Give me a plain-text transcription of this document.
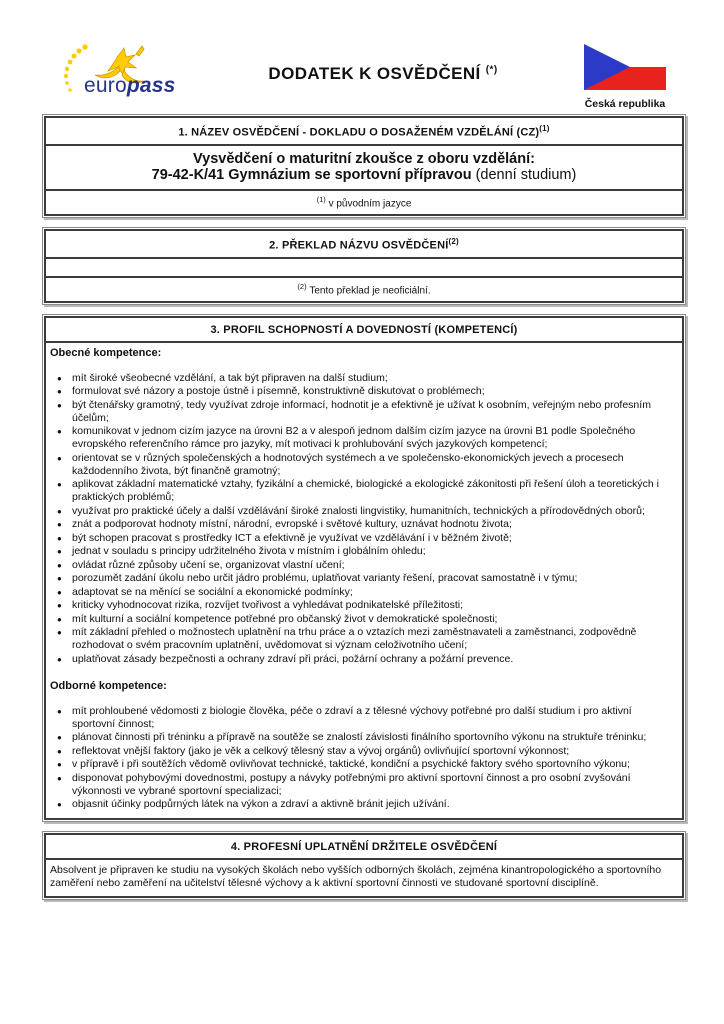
europass
DODATEK K OSVĚDČENÍ (*)
Česká republika
1. NÁZEV OSVĚDČENÍ - DOKLADU O DOSAŽENÉM VZDĚLÁNÍ (CZ)$^{(1)}$
Vysvědčení o maturitní zkoušce z oboru vzdělání:
79-42-K/41 Gymnázium se sportovní přípravou (denní studium)
$^{(1)}$ v původním jazyce
2. PŘEKLAD NÁZVU OSVĚDČENÍ$^{(2)}$
$^{(2)}$ Tento překlad je neoficiální.
3. PROFIL SCHOPNOSTÍ A DOVEDNOSTÍ (KOMPETENCÍ)
Obecné kompetence:
● mít široké všeobecné vzdělání, a tak být připraven na další studium;
● formulovat své názory a postoje ústně i písemně, konstruktivně diskutovat o problémech;
● být čtenářsky gramotný, tedy využívat zdroje informací, hodnotit je a efektivně je užívat k osobním, veřejným nebo profesním účelům;
● komunikovat v jednom cizím jazyce na úrovni B2 a v alespoň jednom dalším cizím jazyce na úrovni B1 podle Společného evropského referenčního rámce pro jazyky, mít motivaci k prohlubování svých jazykových kompetencí;
● orientovat se v různých společenských a hodnotových systémech a ve společensko-ekonomických jevech a procesech každodenního života, být finančně gramotný;
● aplikovat základní matematické vztahy, fyzikální a chemické, biologické a ekologické zákonitosti při řešení úloh a teoretických i praktických problémů;
● využívat pro praktické účely a další vzdělávání široké znalosti lingvistiky, humanitních, technických a přírodovědných oborů;
● znát a podporovat hodnoty místní, národní, evropské i světové kultury, uznávat hodnotu života;
● být schopen pracovat s prostředky ICT a efektivně je využívat ve vzdělávání i v běžném životě;
● jednat v souladu s principy udržitelného života v místním i globálním ohledu;
● ovládat různé způsoby učení se, organizovat vlastní učení;
● porozumět zadání úkolu nebo určit jádro problému, uplatňovat varianty řešení, pracovat samostatně i v týmu;
● adaptovat se na měnící se sociální a ekonomické podmínky;
● kriticky vyhodnocovat rizika, rozvíjet tvořivost a vyhledávat podnikatelské příležitosti;
● mít kulturní a sociální kompetence potřebné pro občanský život v demokratické společnosti;
● mít základní přehled o možnostech uplatnění na trhu práce a o vztazích mezi zaměstnavateli a zaměstnanci, zodpovědně rozhodovat o svém pracovním uplatnění, uvědomovat si význam celoživotního učení;
● uplatňovat zásady bezpečnosti a ochrany zdraví při práci, požární ochrany a požární prevence.
Odborné kompetence:
● mít prohloubené vědomosti z biologie člověka, péče o zdraví a z tělesné výchovy potřebné pro další studium i pro aktivní sportovní činnost;
● plánovat činnosti při tréninku a přípravě na soutěže se znalostí závislosti finálního sportovního výkonu na struktuře tréninku;
● reflektovat vnější faktory (jako je věk a celkový tělesný stav a vývoj orgánů) ovlivňující sportovní výkonnost;
● v přípravě i při soutěžích vědomě ovlivňovat technické, taktické, kondiční a psychické faktory svého sportovního výkonu;
● disponovat pohybovými dovednostmi, postupy a návyky potřebnými pro aktivní sportovní činnost a pro osobní zvyšování výkonnosti ve vybrané sportovní specializaci;
● objasnit účinky podpůrných látek na výkon a zdraví a aktivně bránit jejich užívání.
4. PROFESNÍ UPLATNĚNÍ DRŽITELE OSVĚDČENÍ
Absolvent je připraven ke studiu na vysokých školách nebo vyšších odborných školách, zejména kinantropologického a sportovního zaměření nebo zaměření na učitelství tělesné výchovy a k aktivní sportovní činnosti ve studované sportovní disciplíně.
